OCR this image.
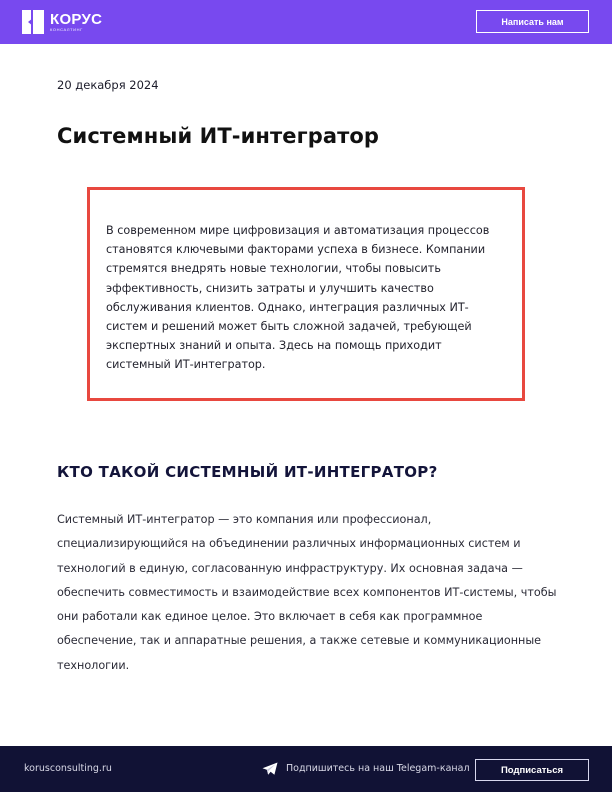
КОРУС
КОНСАЛТИНГ
Написать нам
20 декабря 2024
Системный ИТ-интегратор

В современном мире цифровизация и автоматизация процессов становятся ключевыми факторами успеха в бизнесе. Компании стремятся внедрять новые технологии, чтобы повысить эффективность, снизить затраты и улучшить качество обслуживания клиентов. Однако, интеграция различных ИТ-систем и решений может быть сложной задачей, требующей экспертных знаний и опыта. Здесь на помощь приходит системный ИТ-интегратор.

КТО ТАКОЙ СИСТЕМНЫЙ ИТ-ИНТЕГРАТОР?

Системный ИТ-интегратор — это компания или профессионал, специализирующийся на объединении различных информационных систем и технологий в единую, согласованную инфраструктуру. Их основная задача — обеспечить совместимость и взаимодействие всех компонентов ИТ-системы, чтобы они работали как единое целое. Это включает в себя как программное обеспечение, так и аппаратные решения, а также сетевые и коммуникационные технологии.

korusconsulting.ru	Подпишитесь на наш Telegam-канал	Подписаться
